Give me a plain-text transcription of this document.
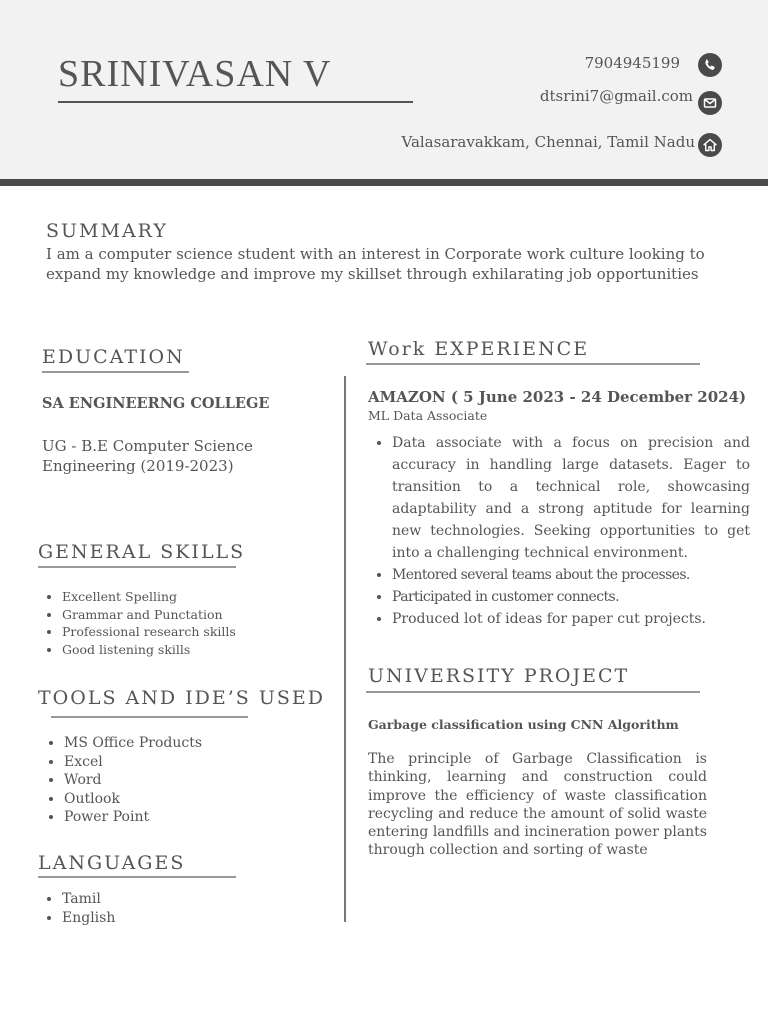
SRINIVASAN V	7904945199
dtsrini7@gmail.com
Valasaravakkam, Chennai, Tamil Nadu
SUMMARY
I am a computer science student with an interest in Corporate work culture looking to expand my knowledge and improve my skillset through exhilarating job opportunities
EDUCATION
SA ENGINEERNG COLLEGE
UG - B.E Computer Science Engineering (2019-2023)
GENERAL SKILLS
• Excellent Spelling
• Grammar and Punctation
• Professional research skills
• Good listening skills
TOOLS AND IDE’S USED
• MS Office Products
• Excel
• Word
• Outlook
• Power Point
LANGUAGES
• Tamil
• English
Work EXPERIENCE
AMAZON ( 5 June 2023 - 24 December 2024)
ML Data Associate
• Data associate with a focus on precision and accuracy in handling large datasets. Eager to transition to a technical role, showcasing adaptability and a strong aptitude for learning new technologies. Seeking opportunities to get into a challenging technical environment.
• Mentored several teams about the processes.
• Participated in customer connects.
• Produced lot of ideas for paper cut projects.
UNIVERSITY PROJECT
Garbage classification using CNN Algorithm
The principle of Garbage Classification is thinking, learning and construction could improve the efficiency of waste classification recycling and reduce the amount of solid waste entering landfills and incineration power plants through collection and sorting of waste
